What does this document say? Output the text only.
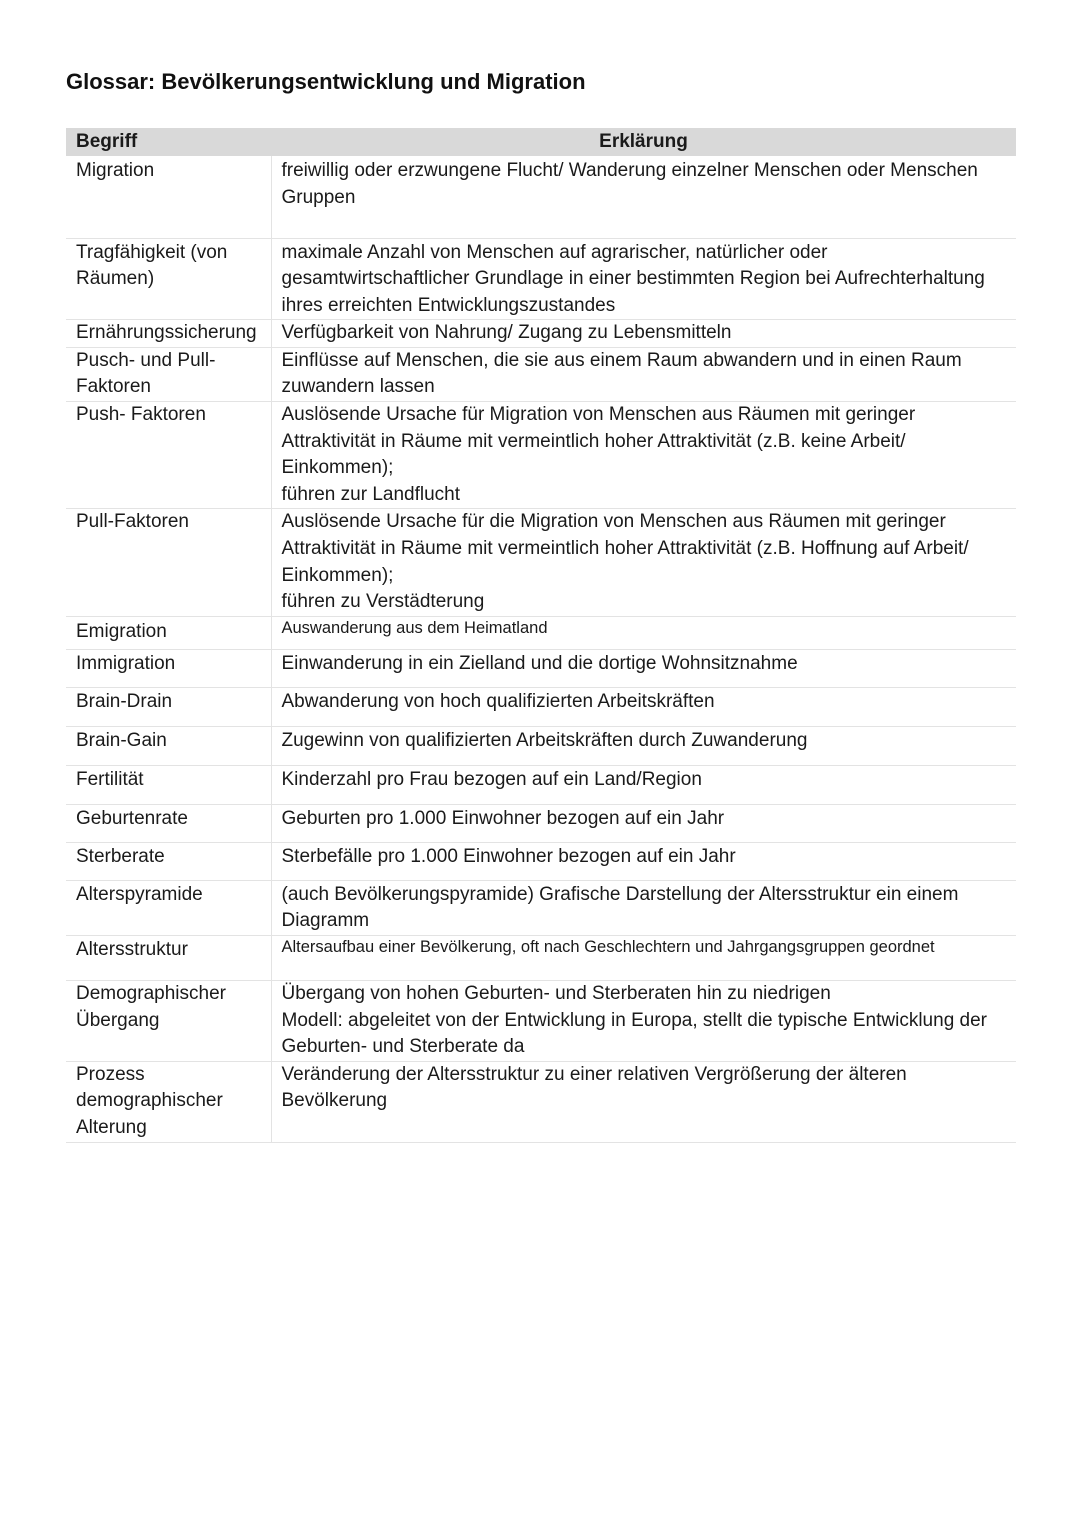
Glossar: Bevölkerungsentwicklung und Migration
Begriff	Erklärung
Migration	freiwillig oder erzwungene Flucht/ Wanderung einzelner Menschen oder Menschen Gruppen

Tragfähigkeit (von Räumen)	maximale Anzahl von Menschen auf agrarischer, natürlicher oder gesamtwirtschaftlicher Grundlage in einer bestimmten Region bei Aufrechterhaltung ihres erreichten Entwicklungszustandes

Ernährungssicherung	Verfügbarkeit von Nahrung/ Zugang zu Lebensmitteln

Pusch- und Pull-Faktoren	Einflüsse auf Menschen, die sie aus einem Raum abwandern und in einen Raum zuwandern lassen

Push- Faktoren	Auslösende Ursache für Migration von Menschen aus Räumen mit geringer Attraktivität in Räume mit vermeintlich hoher Attraktivität (z.B. keine Arbeit/ Einkommen);
führen zur Landflucht

Pull-Faktoren	Auslösende Ursache für die Migration von Menschen aus Räumen mit geringer Attraktivität in Räume mit vermeintlich hoher Attraktivität (z.B. Hoffnung auf Arbeit/ Einkommen);
führen zu Verstädterung

Emigration	Auswanderung aus dem Heimatland

Immigration	Einwanderung in ein Zielland und die dortige Wohnsitznahme

Brain-Drain	Abwanderung von hoch qualifizierten Arbeitskräften

Brain-Gain	Zugewinn von qualifizierten Arbeitskräften durch Zuwanderung

Fertilität	Kinderzahl pro Frau bezogen auf ein Land/Region

Geburtenrate	Geburten pro 1.000 Einwohner bezogen auf ein Jahr

Sterberate	Sterbefälle pro 1.000 Einwohner bezogen auf ein Jahr

Alterspyramide	(auch Bevölkerungspyramide) Grafische Darstellung der Altersstruktur ein einem Diagramm

Altersstruktur	Altersaufbau einer Bevölkerung, oft nach Geschlechtern und Jahrgangsgruppen geordnet

Demographischer Übergang	Übergang von hohen Geburten- und Sterberaten hin zu niedrigen
Modell: abgeleitet von der Entwicklung in Europa, stellt die typische Entwicklung der Geburten- und Sterberate da

Prozess demographischer Alterung	Veränderung der Altersstruktur zu einer relativen Vergrößerung der älteren Bevölkerung
